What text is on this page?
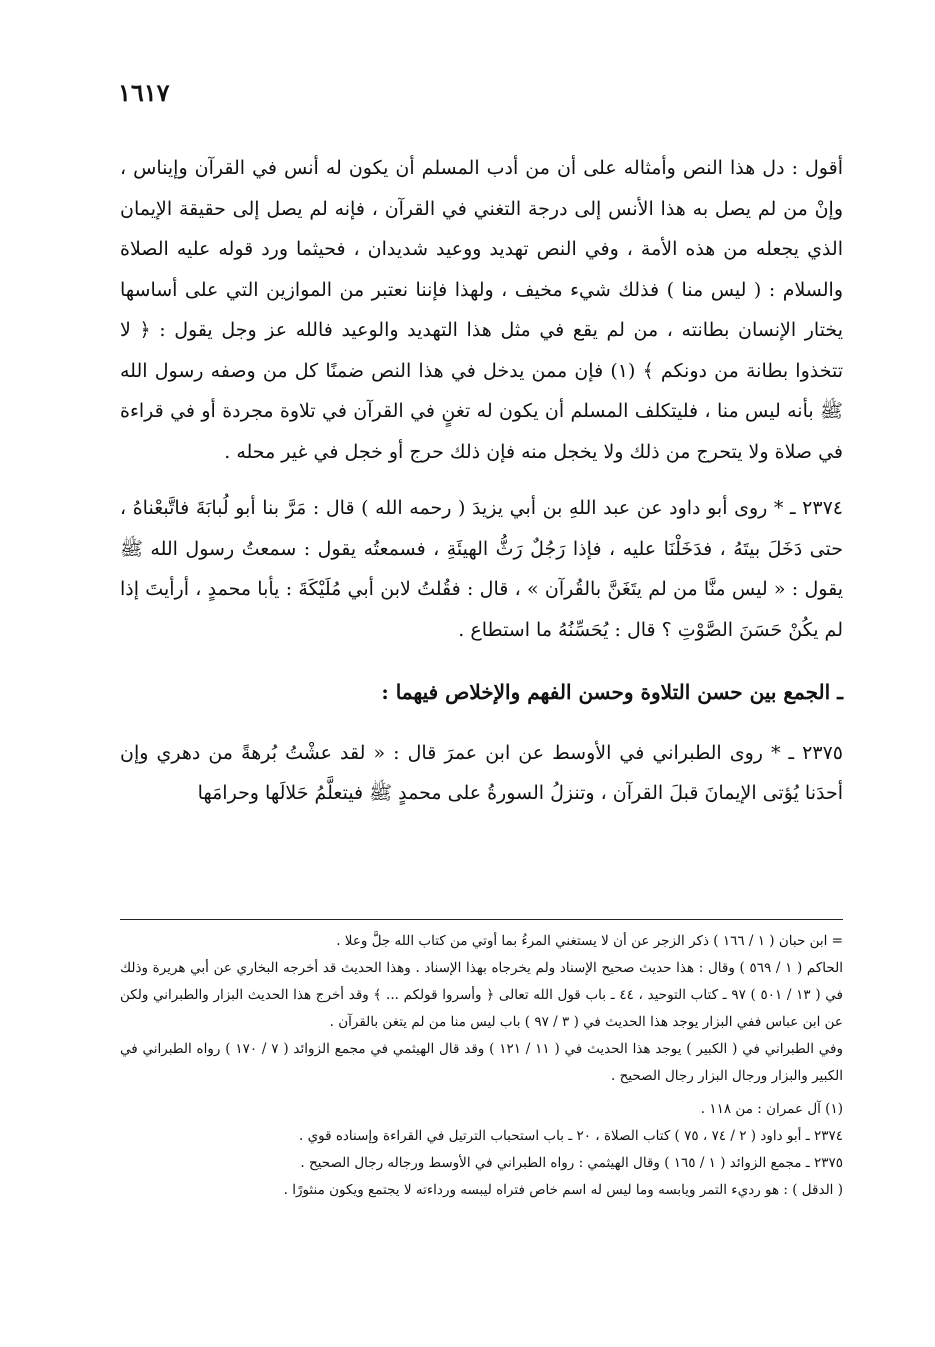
١٦١٧

أقول : دل هذا النص وأمثاله على أن من أدب المسلم أن يكون له أنس في القرآن وإيناس ، وإنْ من لم يصل به هذا الأنس إلى درجة التغني في القرآن ، فإنه لم يصل إلى حقيقة الإيمان الذي يجعله من هذه الأمة ، وفي النص تهديد ووعيد شديدان ، فحيثما ورد قوله عليه الصلاة والسلام : ( ليس منا ) فذلك شيء مخيف ، ولهذا فإننا نعتبر من الموازين التي على أساسها يختار الإنسان بطانته ، من لم يقع في مثل هذا التهديد والوعيد فالله عز وجل يقول : ﴿ لا تتخذوا بطانة من دونكم ﴾ (١) فإن ممن يدخل في هذا النص ضمنًا كل من وصفه رسول الله ﷺ بأنه ليس منا ، فليتكلف المسلم أن يكون له تغنٍ في القرآن في تلاوة مجردة أو في قراءة في صلاة ولا يتحرج من ذلك ولا يخجل منه فإن ذلك حرج أو خجل في غير محله .

٢٣٧٤ ـ * روى أبو داود عن عبد اللهِ بن أبي يزيدَ ( رحمه الله ) قال : مَرَّ بنا أبو لُبابَةَ فاتَّبعْناهُ ، حتى دَخَلَ بيتَهُ ، فدَخَلْنَا عليه ، فإذا رَجُلٌ رَثُّ الهيئَةِ ، فسمعتُه يقول : سمعتُ رسول الله ﷺ يقول : « ليس منَّا من لم يتَغَنَّ بالقُرآن » ، قال : فقُلتُ لابن أبي مُلَيْكَةَ : يأبا محمدٍ ، أرأيتَ إذا لم يكُنْ حَسَنَ الصَّوْتِ ؟ قال : يُحَسِّنُهُ ما استطاع .

ـ الجمع بين حسن التلاوة وحسن الفهم والإخلاص فيهما :

٢٣٧٥ ـ * روى الطبراني في الأوسط عن ابن عمرَ قال : « لقد عشْتُ بُرهةً من دهري وإن أحدَنا يُؤتى الإيمانَ قبلَ القرآن ، وتنزلُ السورةُ على محمدٍ ﷺ فيتعلَّمُ حَلالَها وحرامَها

= ابن حبان ( ١ / ١٦٦ ) ذكر الزجر عن أن لا يستغني المرءُ بما أوتي من كتاب الله جلَّ وعلا .

الحاكم ( ١ / ٥٦٩ ) وقال : هذا حديث صحيح الإسناد ولم يخرجاه بهذا الإسناد . وهذا الحديث قد أخرجه البخاري عن أبي هريرة وذلك في ( ١٣ / ٥٠١ ) ٩٧ ـ كتاب التوحيد ، ٤٤ ـ باب قول الله تعالى ﴿ وأسروا قولكم ... ﴾ وقد أخرج هذا الحديث البزار والطبراني ولكن عن ابن عباس ففي البزار يوجد هذا الحديث في ( ٣ / ٩٧ ) باب ليس منا من لم يتغن بالقرآن .

وفي الطبراني في ( الكبير ) يوجد هذا الحديث في ( ١١ / ١٢١ ) وقد قال الهيثمي في مجمع الزوائد ( ٧ / ١٧٠ ) رواه الطبراني في الكبير والبزار ورجال البزار رجال الصحيح .

(١) آل عمران : من ١١٨ .

٢٣٧٤ ـ أبو داود ( ٢ / ٧٤ ، ٧٥ ) كتاب الصلاة ، ٢٠ ـ باب استحباب الترتيل في القراءة وإسناده قوي .

٢٣٧٥ ـ مجمع الزوائد ( ١ / ١٦٥ ) وقال الهيثمي : رواه الطبراني في الأوسط ورجاله رجال الصحيح .

( الدقل ) : هو رديء التمر ويابسه وما ليس له اسم خاص فتراه ليبسه ورداءته لا يجتمع ويكون منثورًا .
